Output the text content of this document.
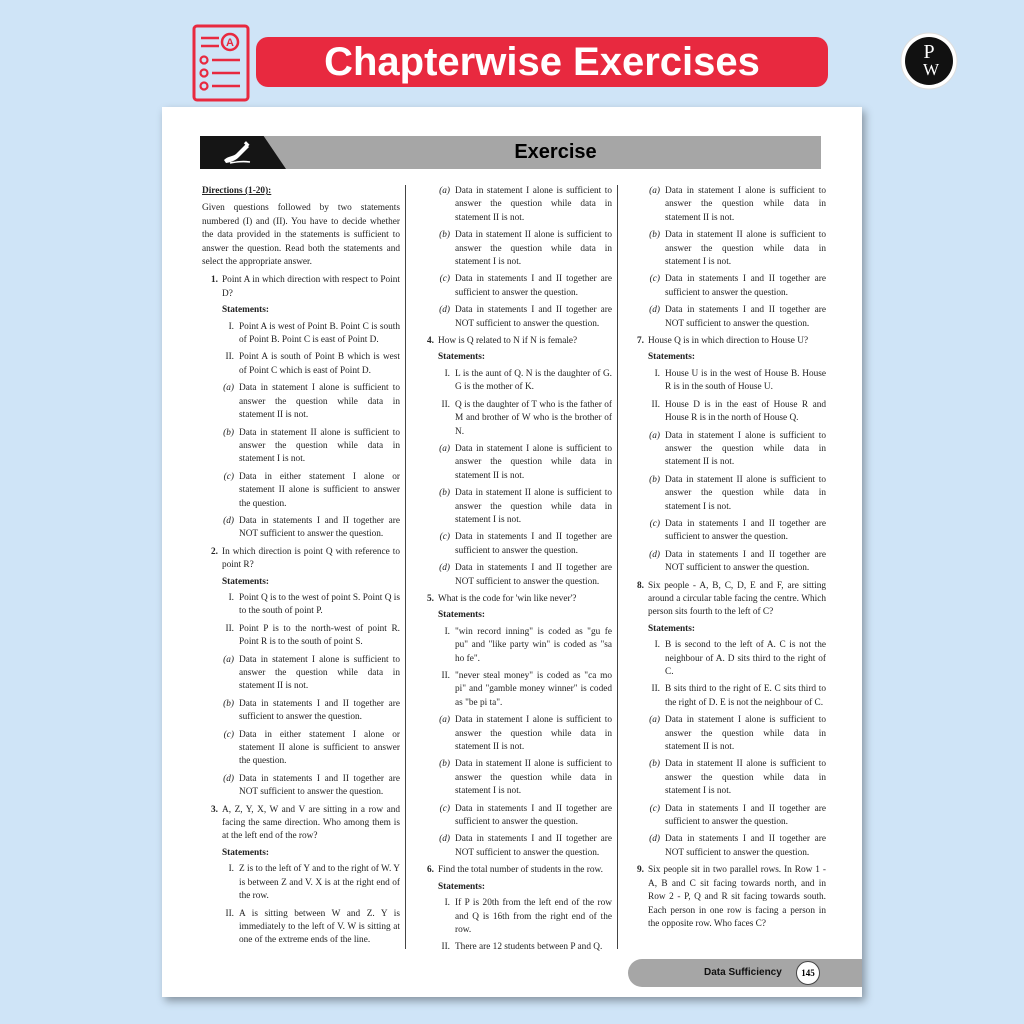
A Chapterwise Exercises	P
W
Exercise
Directions (1-20):
Given questions followed by two statements numbered (I) and (II). You have to decide whether the data provided in the statements is sufficient to answer the question. Read both the statements and select the appropriate answer.
1. Point A in which direction with respect to Point D?
Statements:
I. Point A is west of Point B. Point C is south of Point B. Point C is east of Point D.
II. Point A is south of Point B which is west of Point C which is east of Point D.
(a) Data in statement I alone is sufficient to answer the question while data in statement II is not.
(b) Data in statement II alone is sufficient to answer the question while data in statement I is not.
(c) Data in either statement I alone or statement II alone is sufficient to answer the question.
(d) Data in statements I and II together are NOT sufficient to answer the question.
2. In which direction is point Q with reference to point R?
Statements:
I. Point Q is to the west of point S. Point Q is to the south of point P.
II. Point P is to the north-west of point R. Point R is to the south of point S.
(a) Data in statement I alone is sufficient to answer the question while data in statement II is not.
(b) Data in statements I and II together are sufficient to answer the question.
(c) Data in either statement I alone or statement II alone is sufficient to answer the question.
(d) Data in statements I and II together are NOT sufficient to answer the question.
3. A, Z, Y, X, W and V are sitting in a row and facing the same direction. Who among them is at the left end of the row?
Statements:
I. Z is to the left of Y and to the right of W. Y is between Z and V. X is at the right end of the row.
II. A is sitting between W and Z. Y is immediately to the left of V. W is sitting at one of the extreme ends of the line.
(a) Data in statement I alone is sufficient to answer the question while data in statement II is not.
(b) Data in statement II alone is sufficient to answer the question while data in statement I is not.
(c) Data in statements I and II together are sufficient to answer the question.
(d) Data in statements I and II together are NOT sufficient to answer the question.
4. How is Q related to N if N is female?
Statements:
I. L is the aunt of Q. N is the daughter of G. G is the mother of K.
II. Q is the daughter of T who is the father of M and brother of W who is the brother of N.
(a) Data in statement I alone is sufficient to answer the question while data in statement II is not.
(b) Data in statement II alone is sufficient to answer the question while data in statement I is not.
(c) Data in statements I and II together are sufficient to answer the question.
(d) Data in statements I and II together are NOT sufficient to answer the question.
5. What is the code for 'win like never'?
Statements:
I. "win record inning" is coded as "gu fe pu" and "like party win" is coded as "sa ho fe".
II. "never steal money" is coded as "ca mo pi" and "gamble money winner" is coded as "be pi ta".
(a) Data in statement I alone is sufficient to answer the question while data in statement II is not.
(b) Data in statement II alone is sufficient to answer the question while data in statement I is not.
(c) Data in statements I and II together are sufficient to answer the question.
(d) Data in statements I and II together are NOT sufficient to answer the question.
6. Find the total number of students in the row.
Statements:
I. If P is 20th from the left end of the row and Q is 16th from the right end of the row.
II. There are 12 students between P and Q.
(a) Data in statement I alone is sufficient to answer the question while data in statement II is not.
(b) Data in statement II alone is sufficient to answer the question while data in statement I is not.
(c) Data in statements I and II together are sufficient to answer the question.
(d) Data in statements I and II together are NOT sufficient to answer the question.
7. House Q is in which direction to House U?
Statements:
I. House U is in the west of House B. House R is in the south of House U.
II. House D is in the east of House R and House R is in the north of House Q.
(a) Data in statement I alone is sufficient to answer the question while data in statement II is not.
(b) Data in statement II alone is sufficient to answer the question while data in statement I is not.
(c) Data in statements I and II together are sufficient to answer the question.
(d) Data in statements I and II together are NOT sufficient to answer the question.
8. Six people - A, B, C, D, E and F, are sitting around a circular table facing the centre. Which person sits fourth to the left of C?
Statements:
I. B is second to the left of A. C is not the neighbour of A. D sits third to the right of C.
II. B sits third to the right of E. C sits third to the right of D. E is not the neighbour of C.
(a) Data in statement I alone is sufficient to answer the question while data in statement II is not.
(b) Data in statement II alone is sufficient to answer the question while data in statement I is not.
(c) Data in statements I and II together are sufficient to answer the question.
(d) Data in statements I and II together are NOT sufficient to answer the question.
9. Six people sit in two parallel rows. In Row 1 - A, B and C sit facing towards north, and in Row 2 - P, Q and R sit facing towards south. Each person in one row is facing a person in the opposite row. Who faces C?
Data Sufficiency	145
